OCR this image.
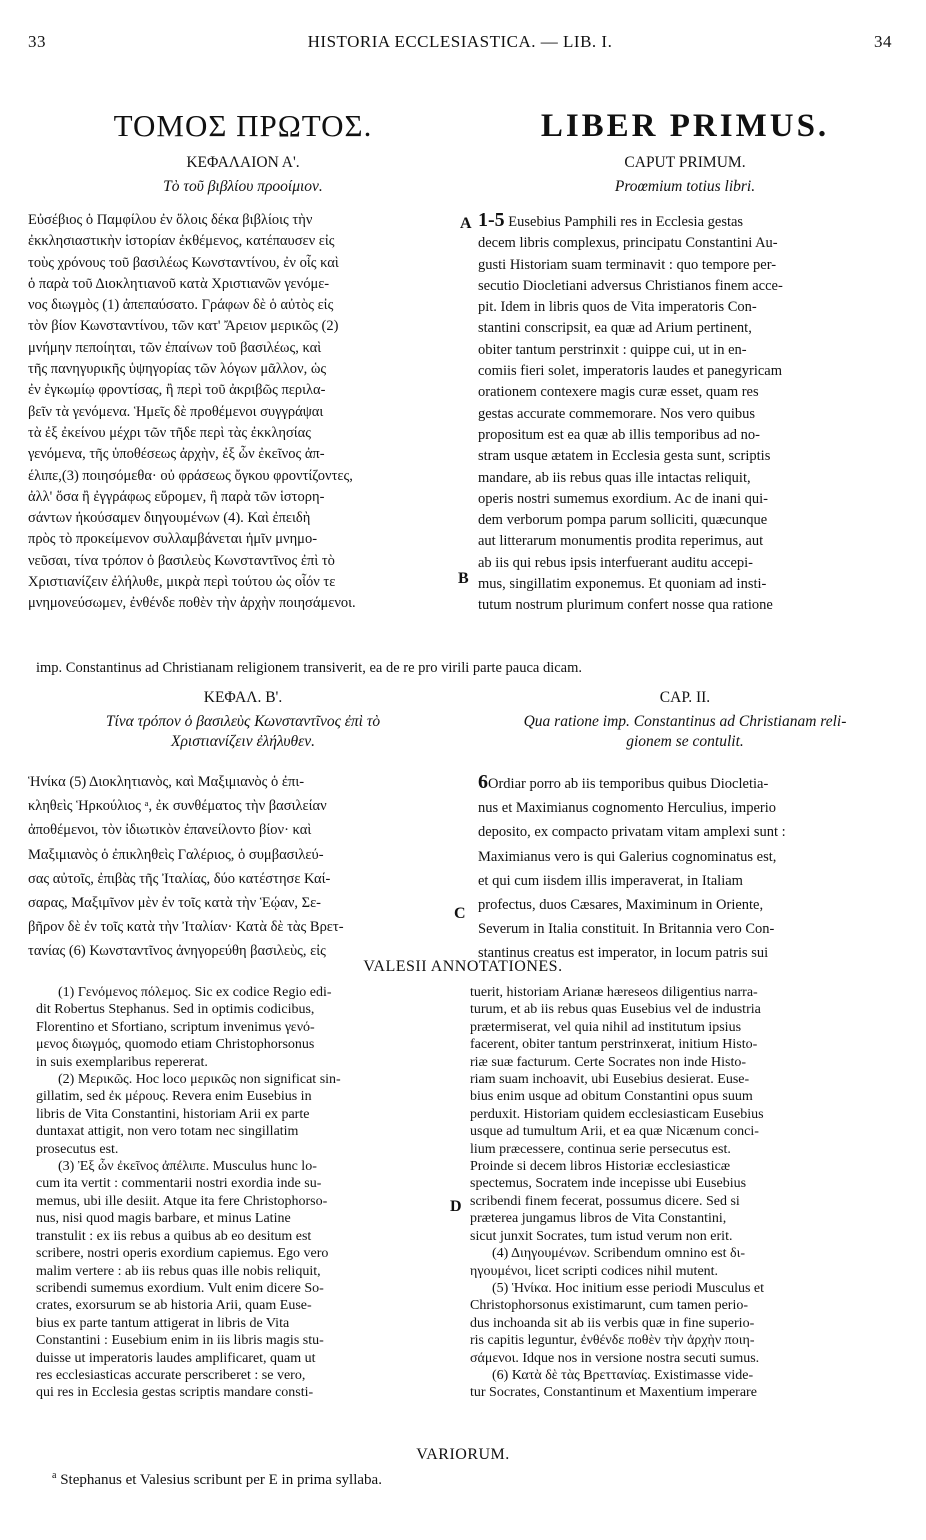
33	HISTORIA ECCLESIASTICA. — LIB. I.	34

ΤΟΜΟΣ ΠΡΩΤΟΣ.

ΚΕΦΑΛΑΙΟΝ Α'.

Τὸ τοῦ βιβλίου προοίμιον.

LIBER PRIMUS.

CAPUT PRIMUM.

Proœmium totius libri.

Εὐσέβιος ὁ Παμφίλου ἐν ὅλοις δέκα βιβλίοις τὴν
ἐκκλησιαστικὴν ἱστορίαν ἐκθέμενος, κατέπαυσεν εἰς
τοὺς χρόνους τοῦ βασιλέως Κωνσταντίνου, ἐν οἷς καὶ
ὁ παρὰ τοῦ Διοκλητιανοῦ κατὰ Χριστιανῶν γενόμε-
νος διωγμὸς (1) ἀπεπαύσατο. Γράφων δὲ ὁ αὐτὸς εἰς
τὸν βίον Κωνσταντίνου, τῶν κατ' Ἄρειον μερικῶς (2)
μνήμην πεποίηται, τῶν ἐπαίνων τοῦ βασιλέως, καὶ
τῆς πανηγυρικῆς ὑψηγορίας τῶν λόγων μᾶλλον, ὡς
ἐν ἐγκωμίῳ φροντίσας, ἢ περὶ τοῦ ἀκριβῶς περιλα-
βεῖν τὰ γενόμενα. Ἡμεῖς δὲ προθέμενοι συγγράψαι
τὰ ἐξ ἐκείνου μέχρι τῶν τῆδε περὶ τὰς ἐκκλησίας
γενόμενα, τῆς ὑποθέσεως ἀρχὴν, ἐξ ὧν ἐκεῖνος ἀπ-
έλιπε,(3) ποιησόμεθα· οὐ φράσεως ὄγκου φροντίζοντες,
ἀλλ' ὅσα ἢ ἐγγράφως εὕρομεν, ἢ παρὰ τῶν ἱστορη-
σάντων ἠκούσαμεν διηγουμένων (4). Καὶ ἐπειδὴ
πρὸς τὸ προκείμενον συλλαμβάνεται ἡμῖν μνημο-
νεῦσαι, τίνα τρόπον ὁ βασιλεὺς Κωνσταντῖνος ἐπὶ τὸ
Χριστιανίζειν ἐλήλυθε, μικρὰ περὶ τούτου ὡς οἷόν τε
μνημονεύσωμεν, ἐνθένδε ποθὲν τὴν ἀρχὴν ποιησάμενοι.
1-5 Eusebius Pamphili res in Ecclesia gestas
decem libris complexus, principatu Constantini Au-
gusti Historiam suam terminavit : quo tempore per-
secutio Diocletiani adversus Christianos finem acce-
pit. Idem in libris quos de Vita imperatoris Con-
stantini conscripsit, ea quæ ad Arium pertinent,
obiter tantum perstrinxit : quippe cui, ut in en-
comiis fieri solet, imperatoris laudes et panegyricam
orationem contexere magis curæ esset, quam res
gestas accurate commemorare. Nos vero quibus
propositum est ea quæ ab illis temporibus ad no-
stram usque ætatem in Ecclesia gesta sunt, scriptis
mandare, ab iis rebus quas ille intactas reliquit,
operis nostri sumemus exordium. Ac de inani qui-
dem verborum pompa parum solliciti, quæcunque
aut litterarum monumentis prodita reperimus, aut
ab iis qui rebus ipsis interfuerant auditu accepi-
mus, singillatim exponemus. Et quoniam ad insti-
tutum nostrum plurimum confert nosse qua ratione
A
B
C
D
imp. Constantinus ad Christianam religionem transiverit, ea de re pro virili parte pauca dicam.
ΚΕΦΑΛ. Β'.

Τίνα τρόπον ὁ βασιλεὺς Κωνσταντῖνος ἐπὶ τὸ

Χριστιανίζειν ἐλήλυθεν.

CAP. II.

Qua ratione imp. Constantinus ad Christianam reli-

gionem se contulit.

Ἡνίκα (5) Διοκλητιανὸς, καὶ Μαξιμιανὸς ὁ ἐπι-
κληθεὶς Ἡρκούλιος ᵃ, ἐκ συνθέματος τὴν βασιλείαν
ἀποθέμενοι, τὸν ἰδιωτικὸν ἐπανείλοντο βίον· καὶ
Μαξιμιανὸς ὁ ἐπικληθεὶς Γαλέριος, ὁ συμβασιλεύ-
σας αὐτοῖς, ἐπιβὰς τῆς Ἰταλίας, δύο κατέστησε Καί-
σαρας, Μαξιμῖνον μὲν ἐν τοῖς κατὰ τὴν Ἑῴαν, Σε-
βῆρον δὲ ἐν τοῖς κατὰ τὴν Ἰταλίαν· Κατὰ δὲ τὰς Βρετ-
τανίας (6) Κωνσταντῖνος ἀνηγορεύθη βασιλεὺς, εἰς
6Ordiar porro ab iis temporibus quibus Diocletia-
nus et Maximianus cognomento Herculius, imperio
deposito, ex compacto privatam vitam amplexi sunt :
Maximianus vero is qui Galerius cognominatus est,
et qui cum iisdem illis imperaverat, in Italiam
profectus, duos Cæsares, Maximinum in Oriente,
Severum in Italia constituit. In Britannia vero Con-
stantinus creatus est imperator, in locum patris sui
VALESII ANNOTATIONES.
(1) Γενόμενος πόλεμος. Sic ex codice Regio edi-
dit Robertus Stephanus. Sed in optimis codicibus,
Florentino et Sfortiano, scriptum invenimus γενό-
μενος διωγμός, quomodo etiam Christophorsonus
in suis exemplaribus repererat.
(2) Μερικῶς. Hoc loco μερικῶς non significat sin-
gillatim, sed ἐκ μέρους. Revera enim Eusebius in
libris de Vita Constantini, historiam Arii ex parte
duntaxat attigit, non vero totam nec singillatim
prosecutus est.
(3) Ἐξ ὧν ἐκεῖνος ἀπέλιπε. Musculus hunc lo-
cum ita vertit : commentarii nostri exordia inde su-
memus, ubi ille desiit. Atque ita fere Christophorso-
nus, nisi quod magis barbare, et minus Latine
transtulit : ex iis rebus a quibus ab eo desitum est
scribere, nostri operis exordium capiemus. Ego vero
malim vertere : ab iis rebus quas ille nobis reliquit,
scribendi sumemus exordium. Vult enim dicere So-
crates, exorsurum se ab historia Arii, quam Euse-
bius ex parte tantum attigerat in libris de Vita
Constantini : Eusebium enim in iis libris magis stu-
duisse ut imperatoris laudes amplificaret, quam ut
res ecclesiasticas accurate perscriberet : se vero,
qui res in Ecclesia gestas scriptis mandare consti-
tuerit, historiam Arianæ hæreseos diligentius narra-
turum, et ab iis rebus quas Eusebius vel de industria
prætermiserat, vel quia nihil ad institutum ipsius
facerent, obiter tantum perstrinxerat, initium Histo-
riæ suæ facturum. Certe Socrates non inde Histo-
riam suam inchoavit, ubi Eusebius desierat. Euse-
bius enim usque ad obitum Constantini opus suum
perduxit. Historiam quidem ecclesiasticam Eusebius
usque ad tumultum Arii, et ea quæ Nicænum conci-
lium præcessere, continua serie persecutus est.
Proinde si decem libros Historiæ ecclesiasticæ
spectemus, Socratem inde incepisse ubi Eusebius
scribendi finem fecerat, possumus dicere. Sed si
præterea jungamus libros de Vita Constantini,
sicut junxit Socrates, tum istud verum non erit.
(4) Διηγουμένων. Scribendum omnino est δι-
ηγουμένοι, licet scripti codices nihil mutent.
(5) Ἡνίκα. Hoc initium esse periodi Musculus et
Christophorsonus existimarunt, cum tamen perio-
dus inchoanda sit ab iis verbis quæ in fine superio-
ris capitis leguntur, ἐνθένδε ποθὲν τὴν ἀρχὴν ποιη-
σάμενοι. Idque nos in versione nostra secuti sumus.
(6) Κατὰ δὲ τὰς Βρεττανίας. Existimasse vide-
tur Socrates, Constantinum et Maxentium imperare
VARIORUM.
$^a$ Stephanus et Valesius scribunt per E in prima syllaba.
